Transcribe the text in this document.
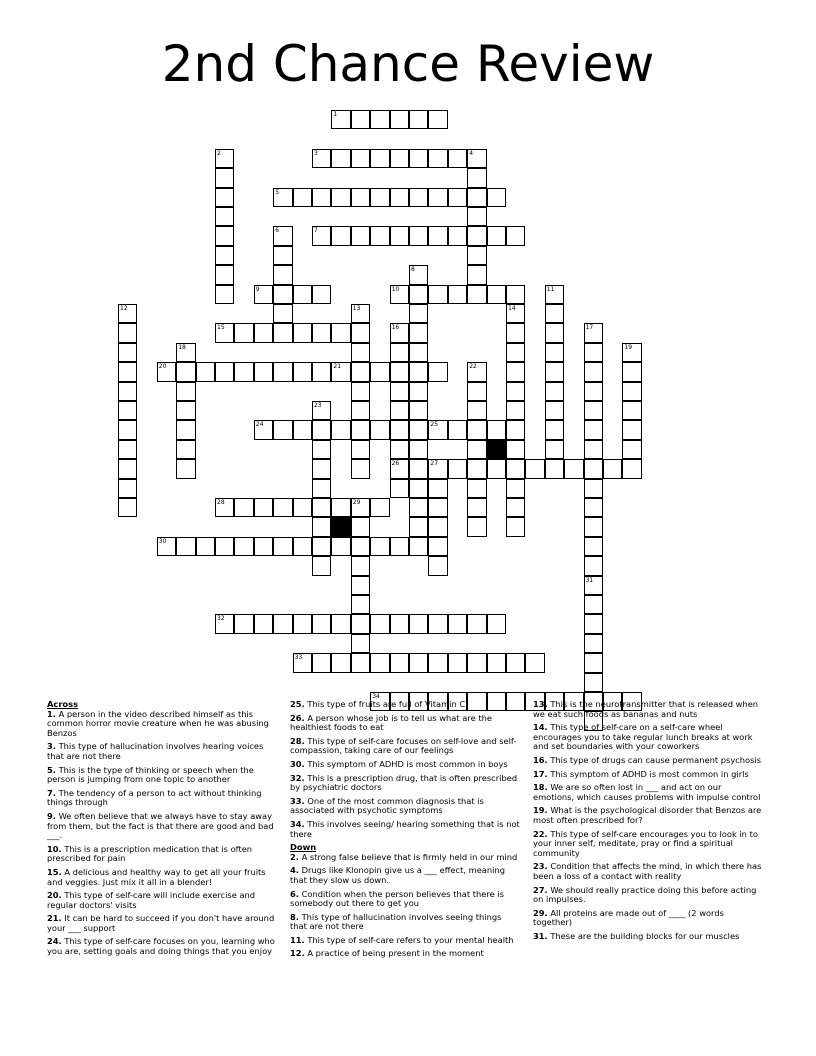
2nd Chance Review
1
2	3	4
5
6	7
8
9	10	11
12	13	14
15	16
26
17
31
18	19
20	21	22
23
24	25
27
28	29
30
32
33
34
Across
1. A person in the video described himself as this common horror movie creature when he was abusing Benzos
3. This type of hallucination involves hearing voices that are not there
5. This is the type of thinking or speech when the person is jumping from one topic to another
7. The tendency of a person to act without thinking things through
9. We often believe that we always have to stay away from them, but the fact is that there are good and bad ___.
10. This is a prescription medication that is often prescribed for pain
15. A delicious and healthy way to get all your fruits and veggies. Just mix it all in a blender!
20. This type of self-care will include exercise and regular doctors' visits
21. It can be hard to succeed if you don't have around your ___ support
24. This type of self-care focuses on you, learning who you are, setting goals and doing things that you enjoy
25. This type of fruits are full of Vitamin C
26. A person whose job is to tell us what are the healthiest foods to eat
28. This type of self-care focuses on self-love and self-compassion, taking care of our feelings
30. This symptom of ADHD is most common in boys
32. This is a prescription drug, that is often prescribed by psychiatric doctors
33. One of the most common diagnosis that is associated with psychotic symptoms
34. This involves seeing/ hearing something that is not there
Down
2. A strong false believe that is firmly held in our mind
4. Drugs like Klonopin give us a ___ effect, meaning that they slow us down.
6. Condition when the person believes that there is somebody out there to get you
8. This type of hallucination involves seeing things that are not there
11. This type of self-care refers to your mental health
12. A practice of being present in the moment
13. This is the neurotransmitter that is released when we eat such foods as bananas and nuts
14. This type of self-care on a self-care wheel encourages you to take regular lunch breaks at work and set boundaries with your coworkers
16. This type of drugs can cause permanent psychosis
17. This symptom of ADHD is most common in girls
18. We are so often lost in ___ and act on our emotions, which causes problems with impulse control
19. What is the psychological disorder that Benzos are most often prescribed for?
22. This type of self-care encourages you to look in to your inner self, meditate, pray or find a spiritual community
23. Condition that affects the mind, in which there has been a loss of a contact with reality
27. We should really practice doing this before acting on impulses.
29. All proteins are made out of ____ (2 words together)
31. These are the building blocks for our muscles
